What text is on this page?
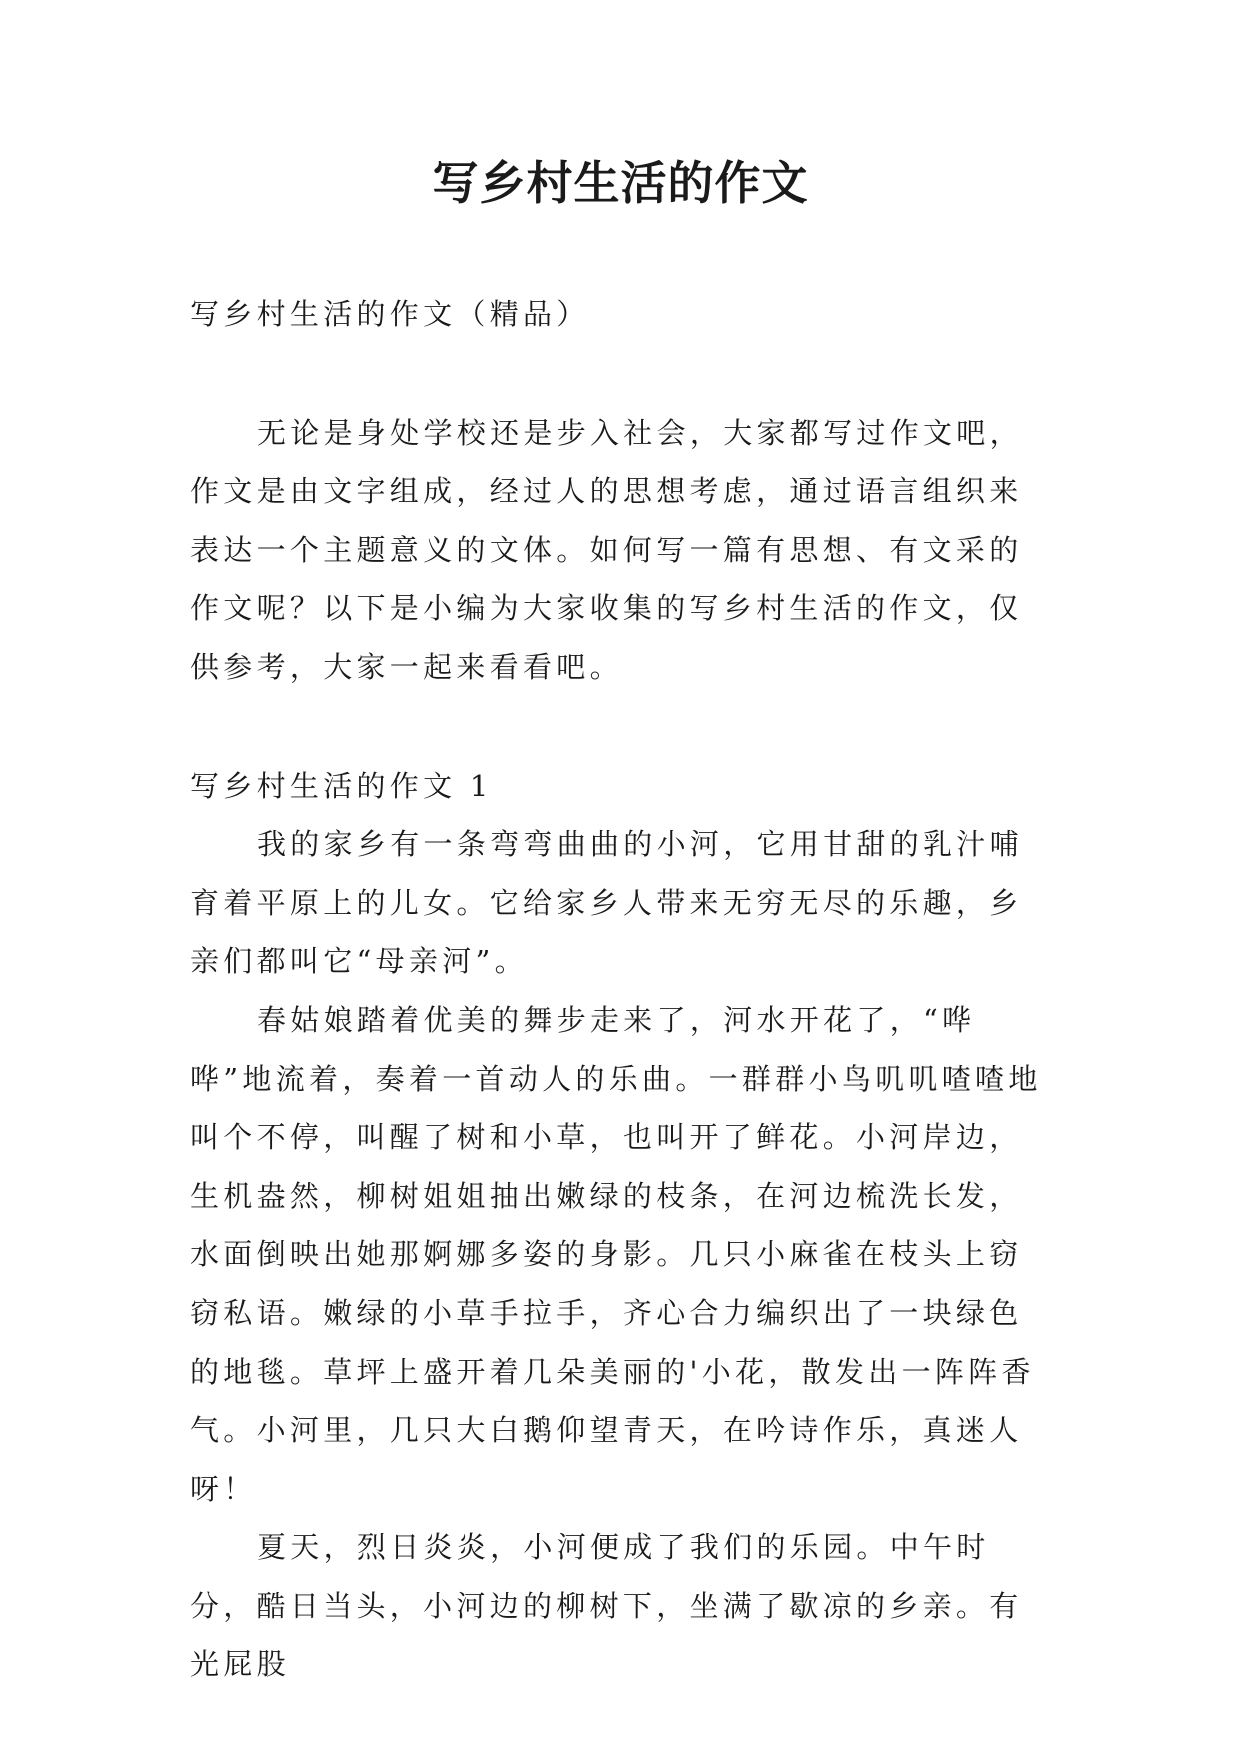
写乡村生活的作文

写乡村生活的作文（精品）

无论是身处学校还是步入社会，大家都写过作文吧，作文是由文字组成，经过人的思想考虑，通过语言组织来表达一个主题意义的文体。如何写一篇有思想、有文采的作文呢？以下是小编为大家收集的写乡村生活的作文，仅供参考，大家一起来看看吧。

写乡村生活的作文 1

我的家乡有一条弯弯曲曲的小河，它用甘甜的乳汁哺育着平原上的儿女。它给家乡人带来无穷无尽的乐趣，乡亲们都叫它“母亲河”。

春姑娘踏着优美的舞步走来了，河水开花了，“哗哗”地流着，奏着一首动人的乐曲。一群群小鸟叽叽喳喳地叫个不停，叫醒了树和小草，也叫开了鲜花。小河岸边，生机盎然，柳树姐姐抽出嫩绿的枝条，在河边梳洗长发，水面倒映出她那婀娜多姿的身影。几只小麻雀在枝头上窃窃私语。嫩绿的小草手拉手，齐心合力编织出了一块绿色的地毯。草坪上盛开着几朵美丽的'小花，散发出一阵阵香气。小河里，几只大白鹅仰望青天，在吟诗作乐，真迷人呀！

夏天，烈日炎炎，小河便成了我们的乐园。中午时分，酷日当头，小河边的柳树下，坐满了歇凉的乡亲。有光屁股
